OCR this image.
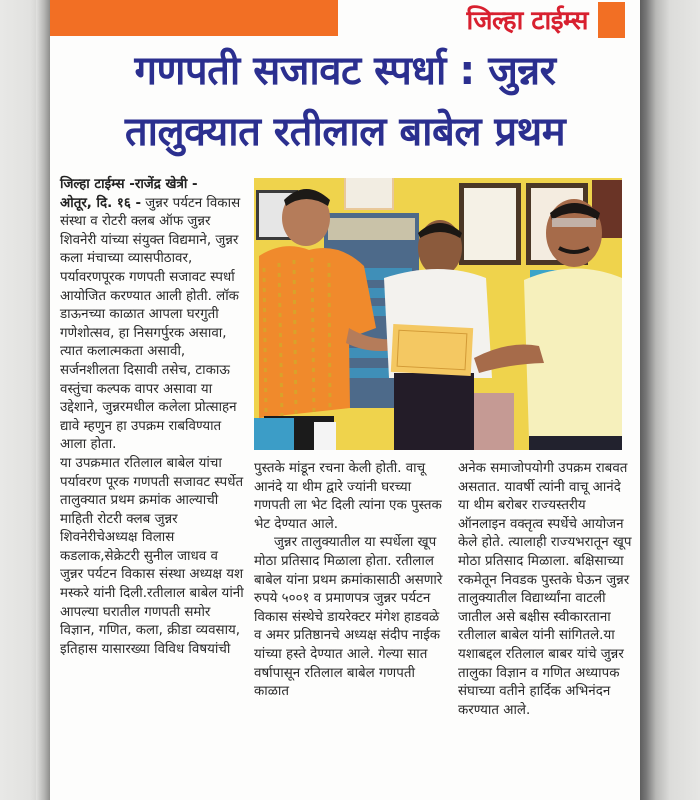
जिल्हा टाईम्स
गणपती सजावट स्पर्धा : जुन्नर
तालुक्यात रतीलाल बाबेल प्रथम

जिल्हा टाईम्स -राजेंद्र खेत्री -
ओतूर, दि. १६ - जुन्नर पर्यटन विकास संस्था व रोटरी क्लब ऑफ जुन्नर शिवनेरी यांच्या संयुक्त विद्यमाने, जुन्नर कला मंचाच्या व्यासपीठावर, पर्यावरणपूरक गणपती सजावट स्पर्धा आयोजित करण्यात आली होती. लॉक डाऊनच्या काळात आपला घरगुती गणेशोत्सव, हा निसगर्पुरक असावा, त्यात कलात्मकता असावी, सर्जनशीलता दिसावी तसेच, टाकाऊ वस्तुंचा कल्पक वापर असावा या उद्देशाने, जुन्नरमधील कलेला प्रोत्साहन द्यावे म्हणुन हा उपक्रम राबविण्यात आला होता.

या उपक्रमात रतिलाल बाबेल यांचा पर्यावरण पूरक गणपती सजावट स्पर्धेत तालुक्यात प्रथम क्रमांक आल्याची माहिती रोटरी क्लब जुन्नर शिवनेरीचेअध्यक्ष विलास कडलाक,सेक्रेटरी सुनील जाधव व जुन्नर पर्यटन विकास संस्था अध्यक्ष यश मस्करे यांनी दिली.रतीलाल बाबेल यांनी आपल्या घरातील गणपती समोर विज्ञान, गणित, कला, क्रीडा व्यवसाय, इतिहास यासारख्या विविध विषयांची

पुस्तके मांडून रचना केली होती. वाचू आनंदे या थीम द्वारे ज्यांनी घरच्या गणपती ला भेट दिली त्यांना एक पुस्तक भेट देण्यात आले.

जुन्नर तालुक्यातील या स्पर्धेला खूप मोठा प्रतिसाद मिळाला होता. रतीलाल बाबेल यांना प्रथम क्रमांकासाठी असणारे रुपये ५००१ व प्रमाणपत्र जुन्नर पर्यटन विकास संस्थेचे डायरेक्टर मंगेश हाडवळे व अमर प्रतिष्ठानचे अध्यक्ष संदीप नाईक यांच्या हस्ते देण्यात आले. गेल्या सात वर्षापासून रतिलाल बाबेल गणपती काळात

अनेक समाजोपयोगी उपक्रम राबवत असतात. यावर्षी त्यांनी वाचू आनंदे या थीम बरोबर राज्यस्तरीय ऑनलाइन वक्तृत्व स्पर्धेचे आयोजन केले होते. त्यालाही राज्यभरातून खूप मोठा प्रतिसाद मिळाला. बक्षिसाच्या रकमेतून निवडक पुस्तके घेऊन जुन्नर तालुक्यातील विद्यार्थ्यांना वाटली जातील असे बक्षीस स्वीकारताना रतीलाल बाबेल यांनी सांगितले.या यशाबद्दल रतिलाल बाबर यांचे जुन्नर तालुका विज्ञान व गणित अध्यापक संघाच्या वतीने हार्दिक अभिनंदन करण्यात आले.
